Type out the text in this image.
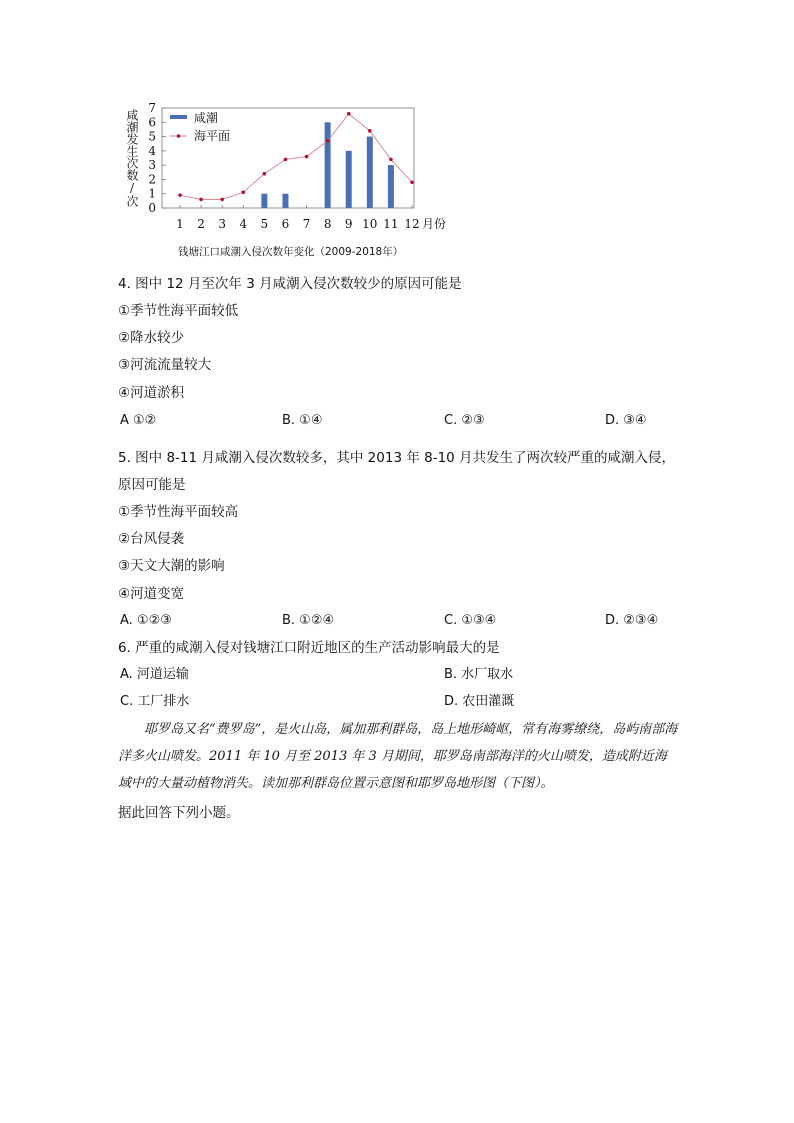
0
1
2
3
4
5
6
7
1 2 3 4 5 6 7 8 9 10 11 12 月份
咸潮发生次数/次	咸潮
海平面
钱塘江口咸潮入侵次数年变化（2009-2018年）
4. 图中 12 月至次年 3 月咸潮入侵次数较少的原因可能是
①季节性海平面较低
②降水较少
③河流流量较大
④河道淤积
A ①②	B. ①④	C. ②③	D. ③④
5. 图中 8-11 月咸潮入侵次数较多，其中 2013 年 8-10 月共发生了两次较严重的咸潮入侵，
原因可能是
①季节性海平面较高
②台风侵袭
③天文大潮的影响
④河道变宽
A. ①②③	B. ①②④	C. ①③④	D. ②③④
6. 严重的咸潮入侵对钱塘江口附近地区的生产活动影响最大的是
A. 河道运输	B. 水厂取水
C. 工厂排水	D. 农田灌溉
耶罗岛又名“费罗岛”，是火山岛，属加那利群岛，岛上地形崎岖，常有海雾缭绕，岛屿南部海洋多火山喷发。2011 年 10 月至 2013 年 3 月期间，耶罗岛南部海洋的火山喷发，造成附近海域中的大量动植物消失。读加那利群岛位置示意图和耶罗岛地形图（下图）。
据此回答下列小题。
